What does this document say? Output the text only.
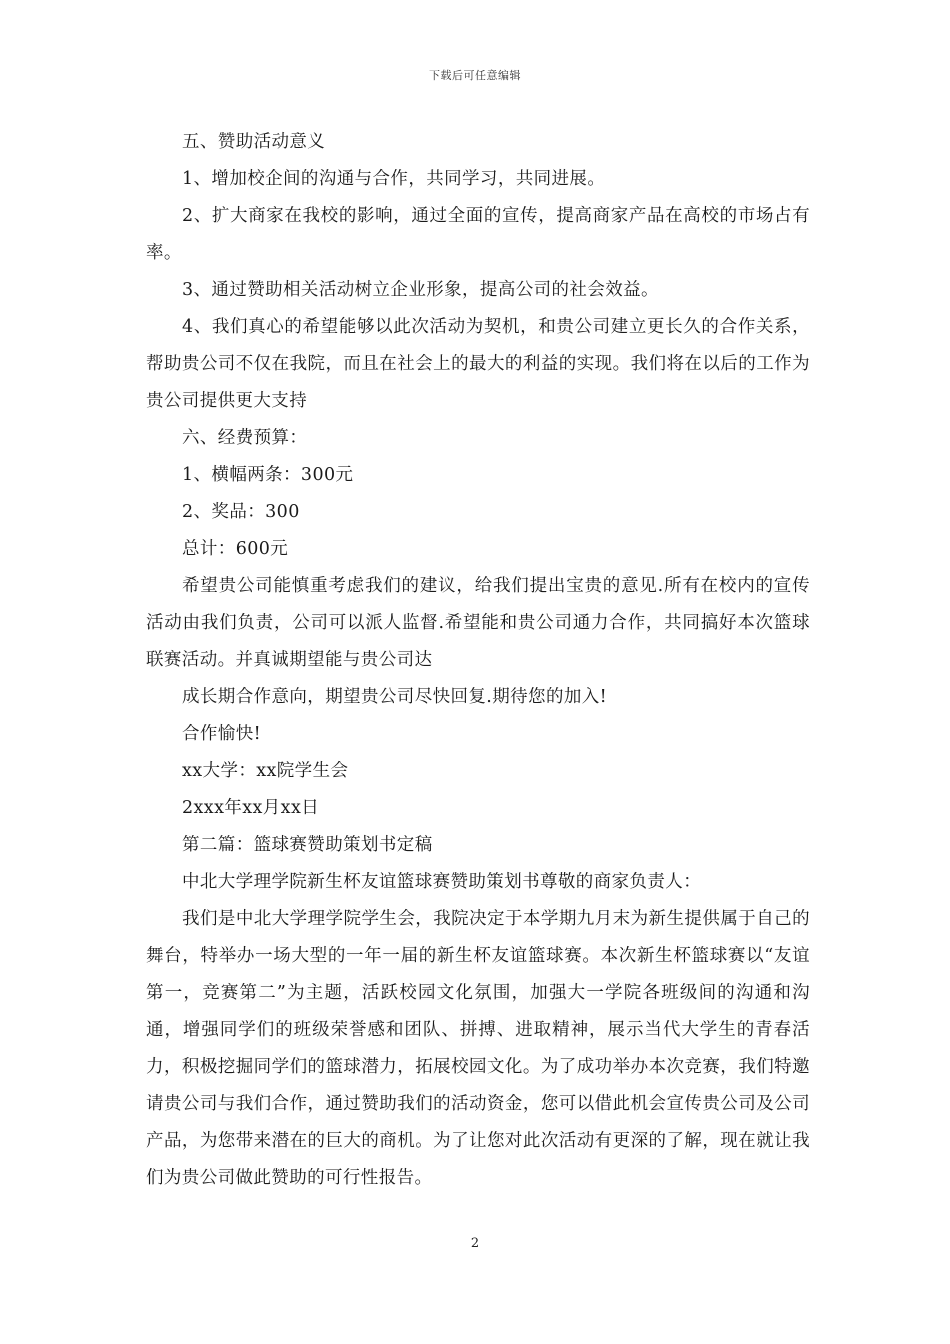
下载后可任意编辑

五、赞助活动意义

1、增加校企间的沟通与合作，共同学习，共同进展。

2、扩大商家在我校的影响，通过全面的宣传，提高商家产品在高校的市场占有率。

3、通过赞助相关活动树立企业形象，提高公司的社会效益。

4、我们真心的希望能够以此次活动为契机，和贵公司建立更长久的合作关系，帮助贵公司不仅在我院，而且在社会上的最大的利益的实现。我们将在以后的工作为贵公司提供更大支持

六、经费预算：

1、横幅两条：300元

2、奖品：300

总计：600元

希望贵公司能慎重考虑我们的建议，给我们提出宝贵的意见.所有在校内的宣传活动由我们负责，公司可以派人监督.希望能和贵公司通力合作，共同搞好本次篮球联赛活动。并真诚期望能与贵公司达

成长期合作意向，期望贵公司尽快回复.期待您的加入!

合作愉快!

xx大学：xx院学生会

2xxx年xx月xx日

第二篇：篮球赛赞助策划书定稿

中北大学理学院新生杯友谊篮球赛赞助策划书尊敬的商家负责人：

我们是中北大学理学院学生会，我院决定于本学期九月末为新生提供属于自己的舞台，特举办一场大型的一年一届的新生杯友谊篮球赛。本次新生杯篮球赛以“友谊第一，竞赛第二”为主题，活跃校园文化氛围，加强大一学院各班级间的沟通和沟通，增强同学们的班级荣誉感和团队、拼搏、进取精神，展示当代大学生的青春活力，积极挖掘同学们的篮球潜力，拓展校园文化。为了成功举办本次竞赛，我们特邀请贵公司与我们合作，通过赞助我们的活动资金，您可以借此机会宣传贵公司及公司产品，为您带来潜在的巨大的商机。为了让您对此次活动有更深的了解，现在就让我们为贵公司做此赞助的可行性报告。

2
